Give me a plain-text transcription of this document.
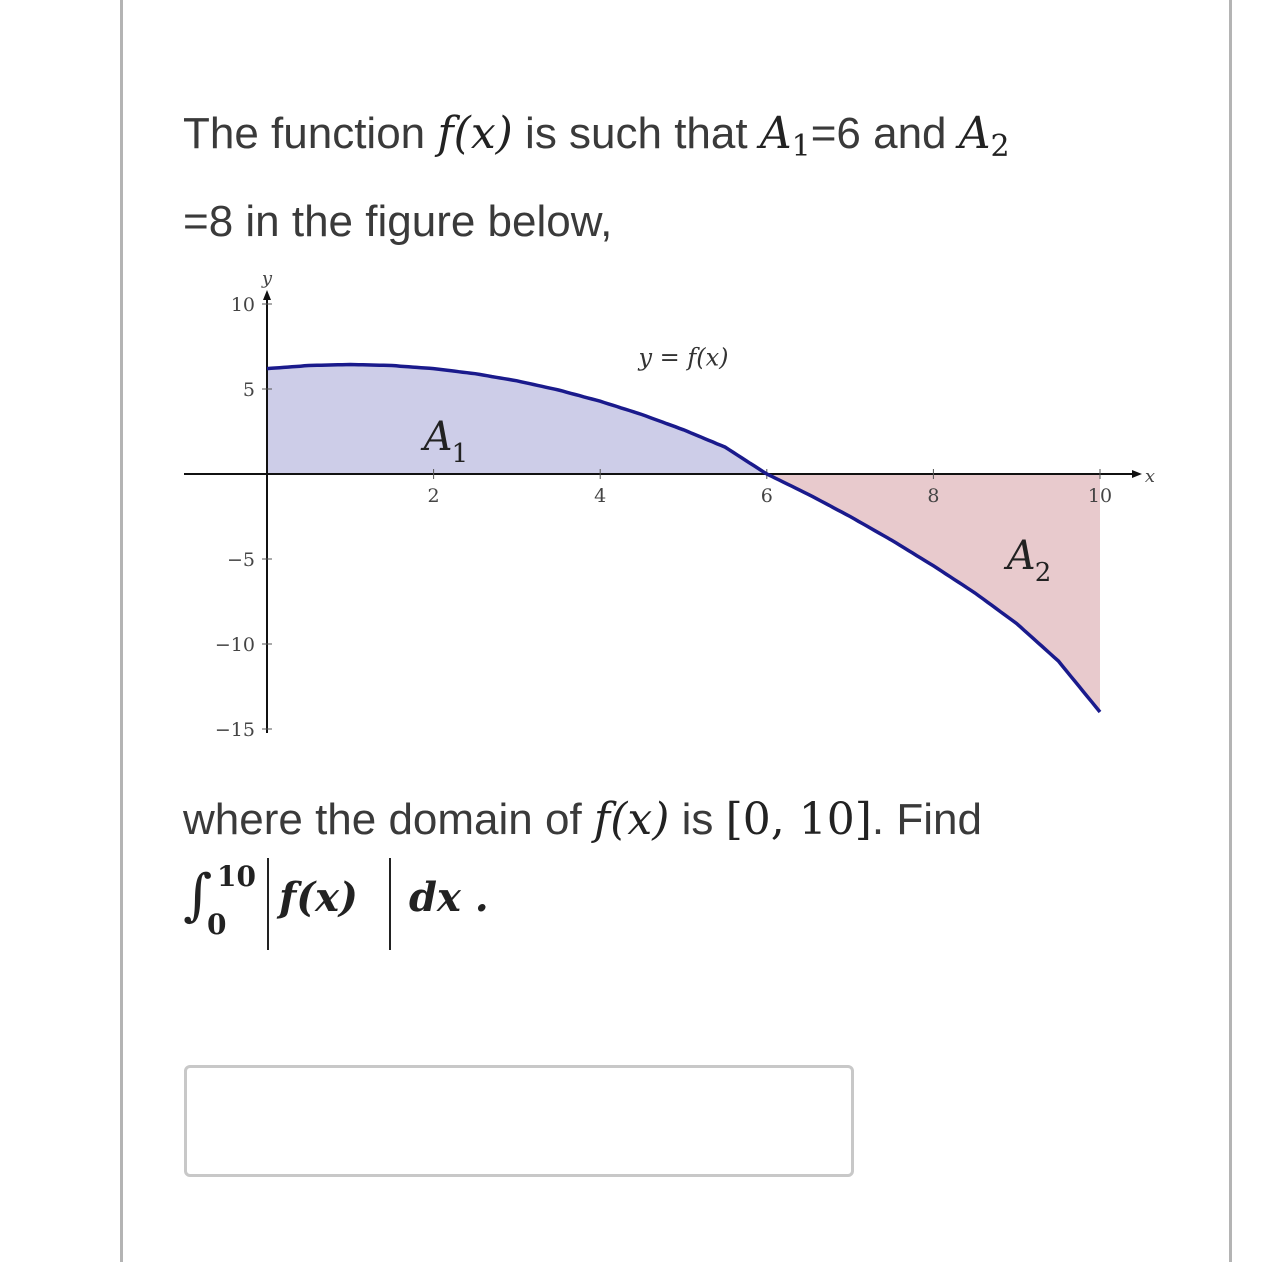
The function f(x) is such that $A_1=6$ and $A_2$
=8 in the figure below,
2	4	6	8	10
10
5
−5
−10
−15
x
y
y = f(x)
A 1
A 2
where the domain of f(x) is [0, 10]. Find
∫ 10
0
f(x) dx .
